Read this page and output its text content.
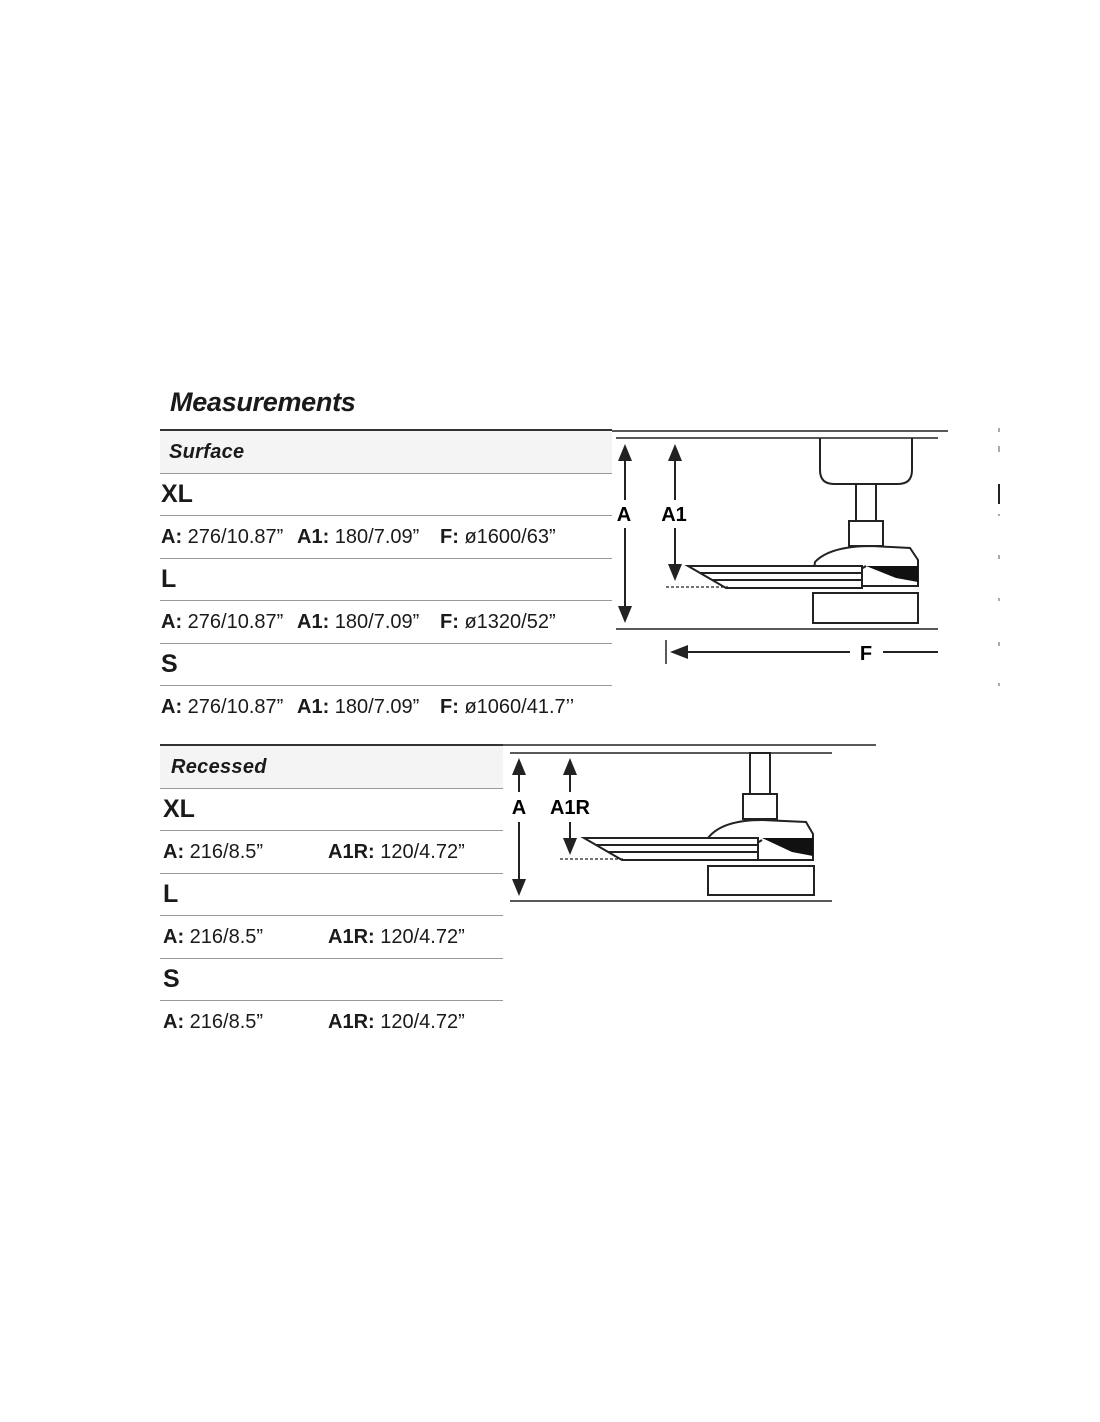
Measurements
Surface
XL
A: 276/10.87” A1: 180/7.09”	F: ø1600/63”
L
A: 276/10.87” A1: 180/7.09”	F: ø1320/52”
S
A: 276/10.87” A1: 180/7.09”	F: ø1060/41.7’’
A A1
F
Recessed
XL
A: 216/8.5”	A1R: 120/4.72”
L
A: 216/8.5”	A1R: 120/4.72”
S
A: 216/8.5”	A1R: 120/4.72”
A A1R
